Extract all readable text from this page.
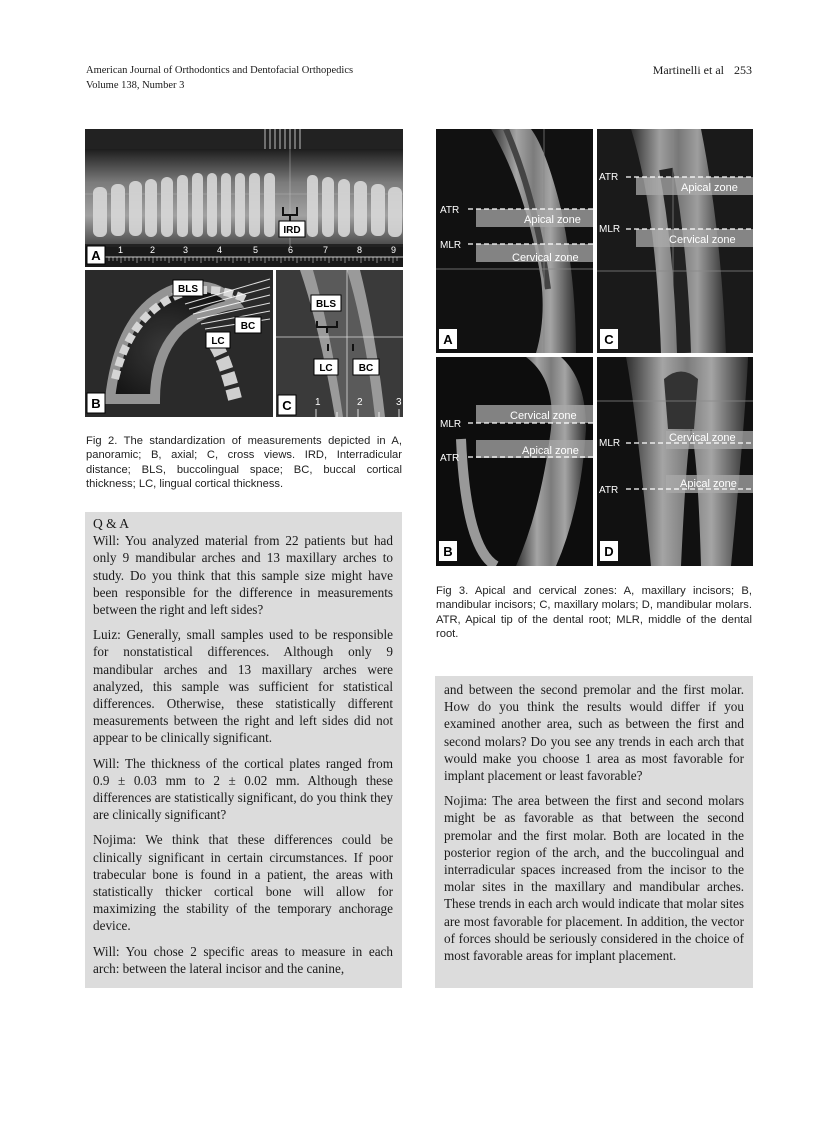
American Journal of Orthodontics and Dentofacial Orthopedics
Volume 138, Number 3
Martinelli et al 253
IRD
1	2	3	4	5	6	7	8	9
A
BLS
BC
LC
B
BLS
LC	BC
1	2	3
C
Fig 2. The standardization of measurements depicted in A, panoramic; B, axial; C, cross views. IRD, Interradicular distance; BLS, buccolingual space; BC, buccal cortical thickness; LC, lingual cortical thickness.
ATR
MLR
Apical zone
Cervical zone
A
ATR
MLR
Apical zone
Cervical zone
C
MLR
ATR
Cervical zone
Apical zone
B
MLR
ATR
Cervical zone
Apical zone
D
Fig 3. Apical and cervical zones: A, maxillary incisors; B, mandibular incisors; C, maxillary molars; D, mandibular molars. ATR, Apical tip of the dental root; MLR, middle of the dental root.
Q & A

Will: You analyzed material from 22 patients but had only 9 mandibular arches and 13 maxillary arches to study. Do you think that this sample size might have been responsible for the difference in measurements between the right and left sides?

Luiz: Generally, small samples used to be responsible for nonstatistical differences. Although only 9 mandibular arches and 13 maxillary arches were analyzed, this sample was sufficient for statistical differences. Otherwise, these statistically different measurements between the right and left sides did not appear to be clinically significant.

Will: The thickness of the cortical plates ranged from 0.9 ± 0.03 mm to 2 ± 0.02 mm. Although these differences are statistically significant, do you think they are clinically significant?

Nojima: We think that these differences could be clinically significant in certain circumstances. If poor trabecular bone is found in a patient, the areas with statistically thicker cortical bone will allow for maximizing the stability of the temporary anchorage device.

Will: You chose 2 specific areas to measure in each arch: between the lateral incisor and the canine,

and between the second premolar and the first molar. How do you think the results would differ if you examined another area, such as between the first and second molars? Do you see any trends in each arch that would make you choose 1 area as most favorable for implant placement or least favorable?

Nojima: The area between the first and second molars might be as favorable as that between the second premolar and the first molar. Both are located in the posterior region of the arch, and the buccolingual and interradicular spaces increased from the incisor to the molar sites in the maxillary and mandibular arches. These trends in each arch would indicate that molar sites are most favorable for placement. In addition, the vector of forces should be seriously considered in the choice of most favorable areas for implant placement.
